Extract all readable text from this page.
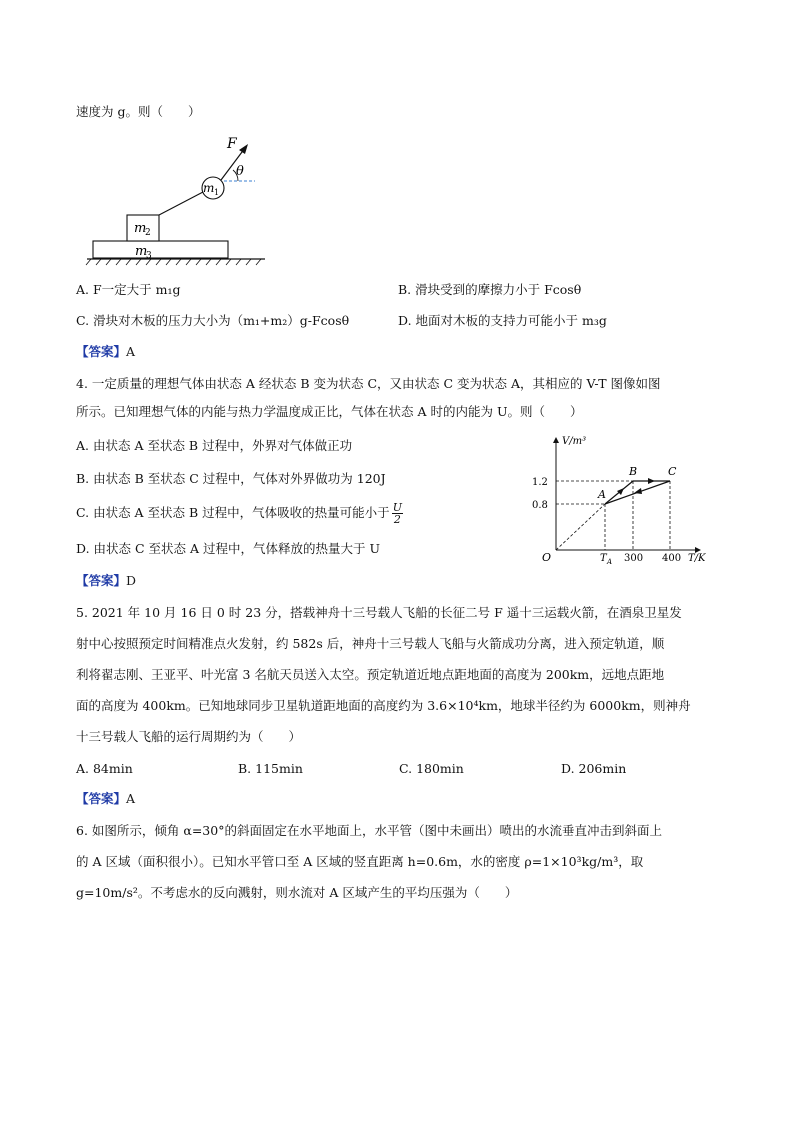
速度为 g。则（　　）
m
3
m
2
m 1
F
θ
A. F一定大于 m₁g	B. 滑块受到的摩擦力小于 Fcosθ
C. 滑块对木板的压力大小为（m₁+m₂）g-Fcosθ	D. 地面对木板的支持力可能小于 m₃g
【答案】A
4. 一定质量的理想气体由状态 A 经状态 B 变为状态 C，又由状态 C 变为状态 A，其相应的 V-T 图像如图
所示。已知理想气体的内能与热力学温度成正比，气体在状态 A 时的内能为 U。则（　　）
A. 由状态 A 至状态 B 过程中，外界对气体做正功
B. 由状态 B 至状态 C 过程中，气体对外界做功为 120J
C. 由状态 A 至状态 B 过程中，气体吸收的热量可能小于 $\frac{U}{2}$
D. 由状态 C 至状态 A 过程中，气体释放的热量大于 U
【答案】D
V/m³
T/K
O
1.2
0.8
T A 300 400
A
B	C
5. 2021 年 10 月 16 日 0 时 23 分，搭载神舟十三号载人飞船的长征二号 F 遥十三运载火箭，在酒泉卫星发
射中心按照预定时间精准点火发射，约 582s 后，神舟十三号载人飞船与火箭成功分离，进入预定轨道，顺
利将翟志刚、王亚平、叶光富 3 名航天员送入太空。预定轨道近地点距地面的高度为 200km，远地点距地
面的高度为 400km。已知地球同步卫星轨道距地面的高度约为 3.6×10⁴km，地球半径约为 6000km，则神舟
十三号载人飞船的运行周期约为（　　）
A. 84min	B. 115min	C. 180min	D. 206min
【答案】A
6. 如图所示，倾角 α=30°的斜面固定在水平地面上，水平管（图中未画出）喷出的水流垂直冲击到斜面上
的 A 区域（面积很小）。已知水平管口至 A 区域的竖直距离 h=0.6m，水的密度 ρ=1×10³kg/m³，取
g=10m/s²。不考虑水的反向溅射，则水流对 A 区域产生的平均压强为（　　）
